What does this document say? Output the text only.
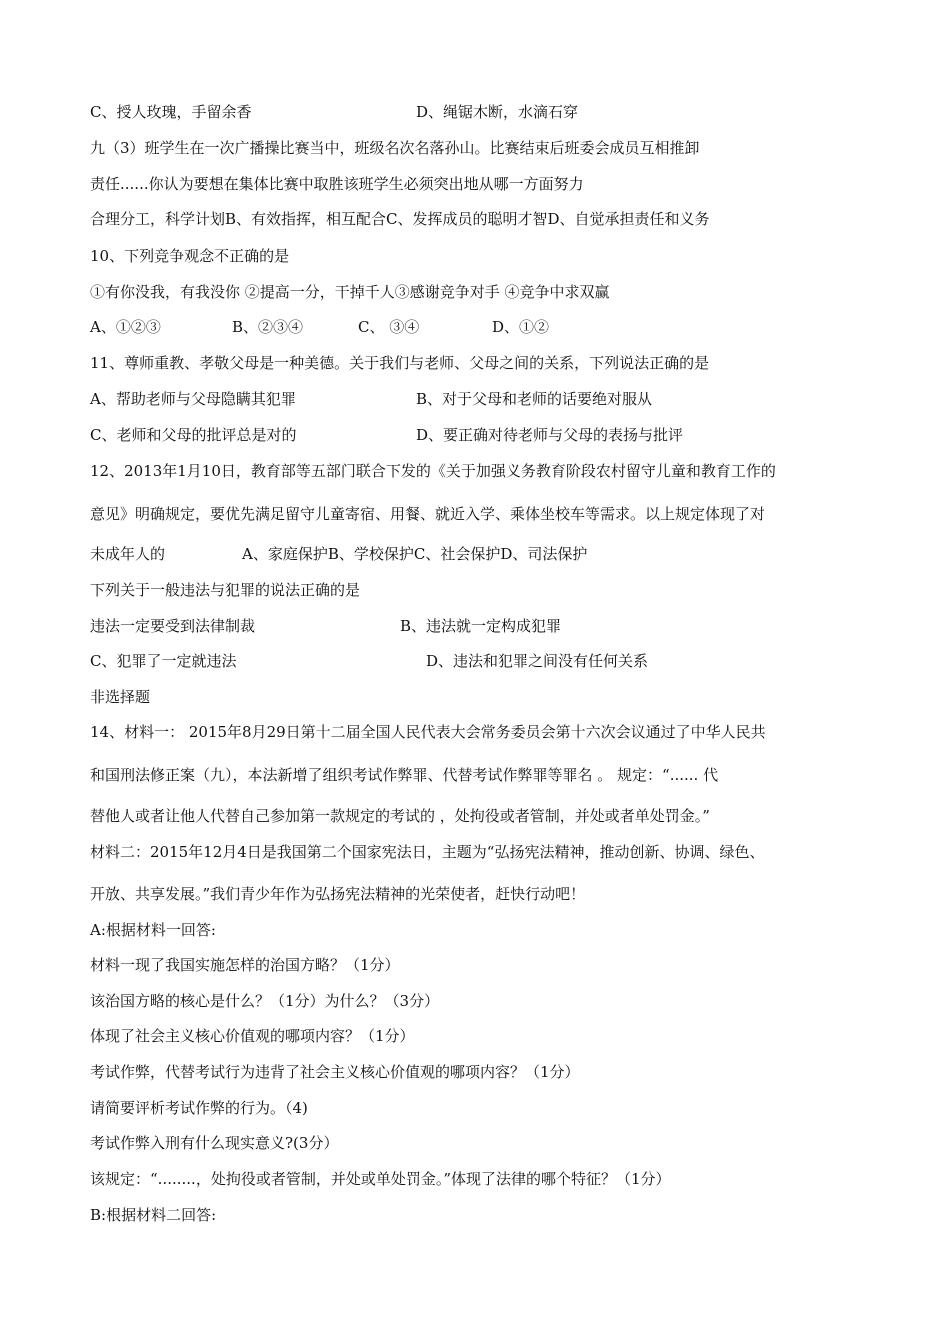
C、授人玫瑰，手留余香	D、绳锯木断，水滴石穿
九（3）班学生在一次广播操比赛当中，班级名次名落孙山。比赛结束后班委会成员互相推卸
责任......你认为要想在集体比赛中取胜该班学生必须突出地从哪一方面努力
合理分工，科学计划B、有效指挥，相互配合C、发挥成员的聪明才智D、自觉承担责任和义务
10、下列竞争观念不正确的是
①有你没我，有我没你 ②提高一分，干掉千人③感谢竞争对手 ④竞争中求双赢
A、①②③	B、②③④	C、 ③④	D、①②
11、尊师重教、孝敬父母是一种美德。关于我们与老师、父母之间的关系，下列说法正确的是
A、帮助老师与父母隐瞒其犯罪	B、对于父母和老师的话要绝对服从
C、老师和父母的批评总是对的	D、要正确对待老师与父母的表扬与批评
12、2013年1月10日，教育部等五部门联合下发的《关于加强义务教育阶段农村留守儿童和教育工作的
意见》明确规定，要优先满足留守儿童寄宿、用餐、就近入学、乘体坐校车等需求。以上规定体现了对
未成年人的	A、家庭保护B、学校保护C、社会保护D、司法保护
下列关于一般违法与犯罪的说法正确的是
违法一定要受到法律制裁	B、违法就一定构成犯罪
C、犯罪了一定就违法	D、违法和犯罪之间没有任何关系
非选择题
14、材料一： 2015年8月29日第十二届全国人民代表大会常务委员会第十六次会议通过了中华人民共
和国刑法修正案（九），本法新增了组织考试作弊罪、代替考试作弊罪等罪名 。 规定：“...... 代
替他人或者让他人代替自己参加第一款规定的考试的 ，处拘役或者管制，并处或者单处罚金。”
材料二：2015年12月4日是我国第二个国家宪法日，主题为“弘扬宪法精神，推动创新、协调、绿色、
开放、共享发展。”我们青少年作为弘扬宪法精神的光荣使者，赶快行动吧！
A:根据材料一回答:
材料一现了我国实施怎样的治国方略？（1分）
该治国方略的核心是什么？（1分）为什么？（3分）
体现了社会主义核心价值观的哪项内容？（1分）
考试作弊，代替考试行为违背了社会主义核心价值观的哪项内容？（1分）
请简要评析考试作弊的行为。（4)
考试作弊入刑有什么现实意义?(3分）
该规定：“........，处拘役或者管制，并处或单处罚金。”体现了法律的哪个特征？（1分）
B:根据材料二回答:
